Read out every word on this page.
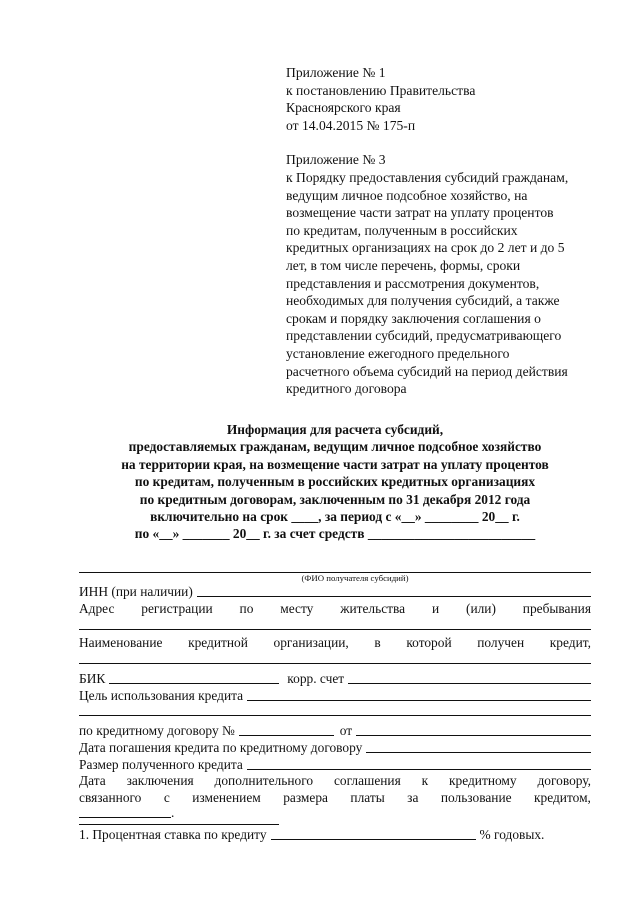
Приложение № 1

к постановлению Правительства

Красноярского края

от 14.04.2015 № 175-п

Приложение № 3

к Порядку предоставления субсидий гражданам,

ведущим личное подсобное хозяйство, на

возмещение части затрат на уплату процентов

по кредитам, полученным в российских

кредитных организациях на срок до 2 лет и до 5

лет, в том числе перечень, формы, сроки

представления и рассмотрения документов,

необходимых для получения субсидий, а также

срокам и порядку заключения соглашения о

представлении субсидий, предусматривающего

установление ежегодного предельного

расчетного объема субсидий на период действия

кредитного договора

Информация для расчета субсидий,

предоставляемых гражданам, ведущим личное подсобное хозяйство

на территории края, на возмещение части затрат на уплату процентов

по кредитам, полученным в российских кредитных организациях

по кредитным договорам, заключенным по 31 декабря 2012 года

включительно на срок ____, за период с «__» ________ 20__ г.

по «__» _______ 20__ г. за счет средств _________________________

(ФИО получателя субсидий)
ИНН (при наличии)
Адрес регистрации по месту жительства и (или) пребывания
Наименование кредитной организации, в которой получен кредит,
БИК	корр. счет
Цель использования кредита
по кредитному договору №	от
Дата погашения кредита по кредитному договору
Размер полученного кредита
Дата заключения дополнительного соглашения к кредитному договору,
связанного с изменением размера платы за пользование кредитом,
.
1. Процентная ставка по кредиту	% годовых.
